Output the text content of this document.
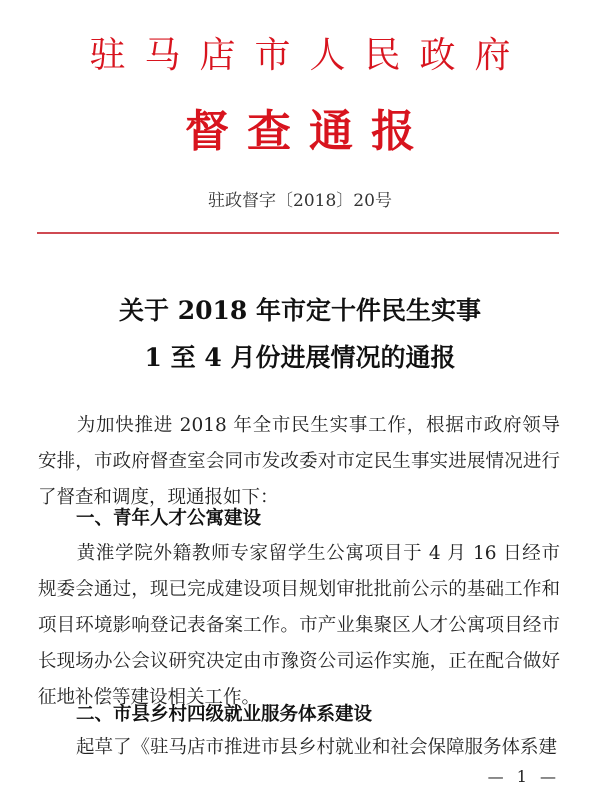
驻马店市人民政府
督查通报
驻政督字〔2018〕20号
关于 2018 年市定十件民生实事
1 至 4 月份进展情况的通报
为加快推进 2018 年全市民生实事工作，根据市政府领导安排，市政府督查室会同市发改委对市定民生事实进展情况进行了督查和调度，现通报如下：
一、青年人才公寓建设
黄淮学院外籍教师专家留学生公寓项目于 4 月 16 日经市规委会通过，现已完成建设项目规划审批批前公示的基础工作和项目环境影响登记表备案工作。市产业集聚区人才公寓项目经市长现场办公会议研究决定由市豫资公司运作实施，正在配合做好征地补偿等建设相关工作。
二、市县乡村四级就业服务体系建设
起草了《驻马店市推进市县乡村就业和社会保障服务体系建
— 1 —
